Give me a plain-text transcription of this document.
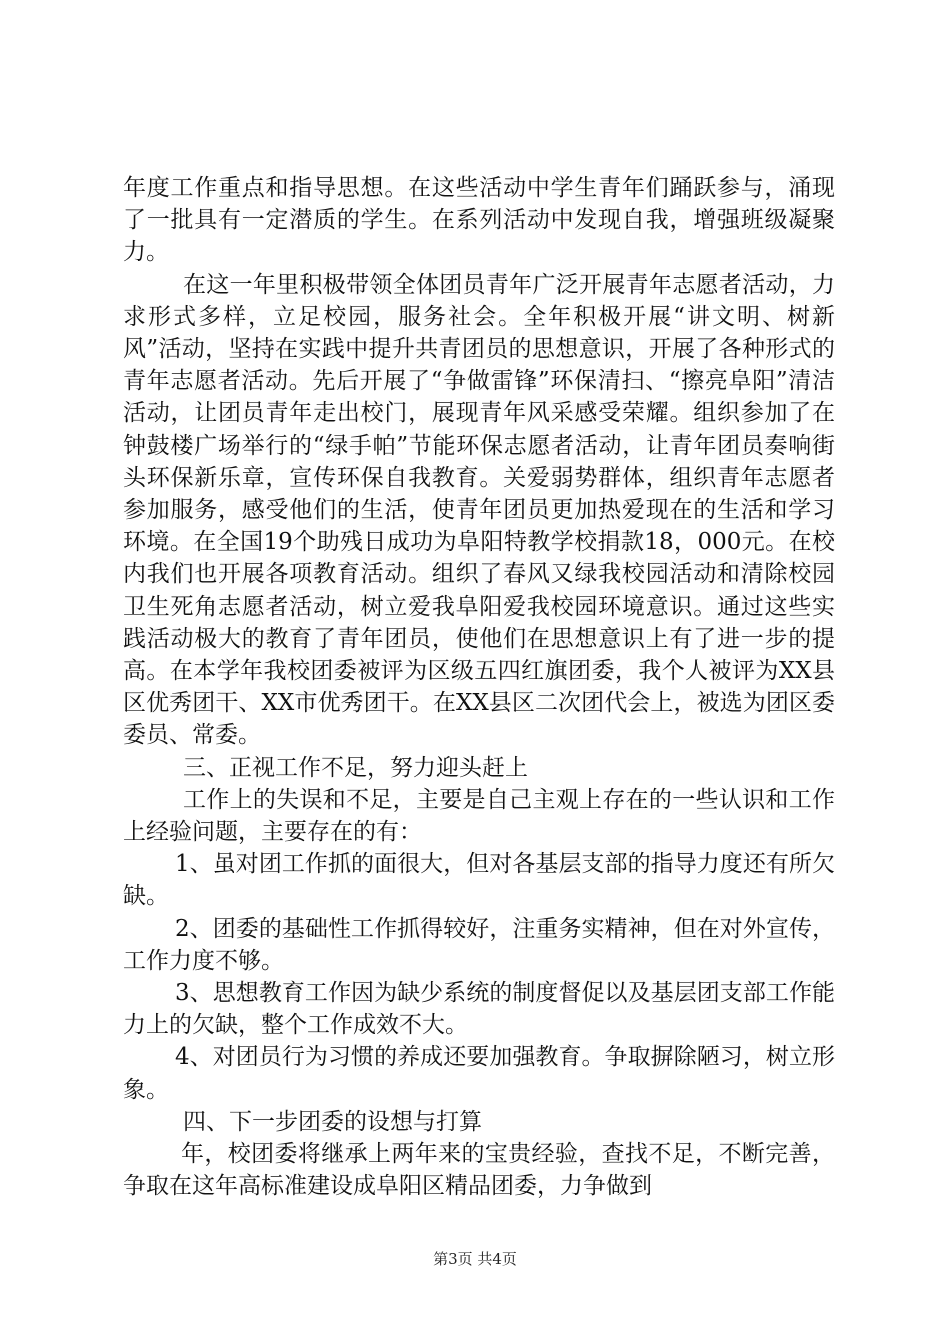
年度工作重点和指导思想。在这些活动中学生青年们踊跃参与，涌现了一批具有一定潜质的学生。在系列活动中发现自我，增强班级凝聚力。

在这一年里积极带领全体团员青年广泛开展青年志愿者活动，力求形式多样，立足校园，服务社会。全年积极开展“讲文明、树新风”活动，坚持在实践中提升共青团员的思想意识，开展了各种形式的青年志愿者活动。先后开展了“争做雷锋”环保清扫、“擦亮阜阳”清洁活动，让团员青年走出校门，展现青年风采感受荣耀。组织参加了在钟鼓楼广场举行的“绿手帕”节能环保志愿者活动，让青年团员奏响街头环保新乐章，宣传环保自我教育。关爱弱势群体，组织青年志愿者参加服务，感受他们的生活，使青年团员更加热爱现在的生活和学习环境。在全国19个助残日成功为阜阳特教学校捐款18，000元。在校内我们也开展各项教育活动。组织了春风又绿我校园活动和清除校园卫生死角志愿者活动，树立爱我阜阳爱我校园环境意识。通过这些实践活动极大的教育了青年团员，使他们在思想意识上有了进一步的提高。在本学年我校团委被评为区级五四红旗团委，我个人被评为XX县区优秀团干、XX市优秀团干。在XX县区二次团代会上，被选为团区委委员、常委。

三、正视工作不足，努力迎头赶上

工作上的失误和不足，主要是自己主观上存在的一些认识和工作上经验问题，主要存在的有：

1、虽对团工作抓的面很大，但对各基层支部的指导力度还有所欠缺。

2、团委的基础性工作抓得较好，注重务实精神，但在对外宣传，工作力度不够。

3、思想教育工作因为缺少系统的制度督促以及基层团支部工作能力上的欠缺，整个工作成效不大。

4、对团员行为习惯的养成还要加强教育。争取摒除陋习，树立形象。

四、下一步团委的设想与打算

年，校团委将继承上两年来的宝贵经验，查找不足，不断完善，争取在这年高标准建设成阜阳区精品团委，力争做到

第3页 共4页
